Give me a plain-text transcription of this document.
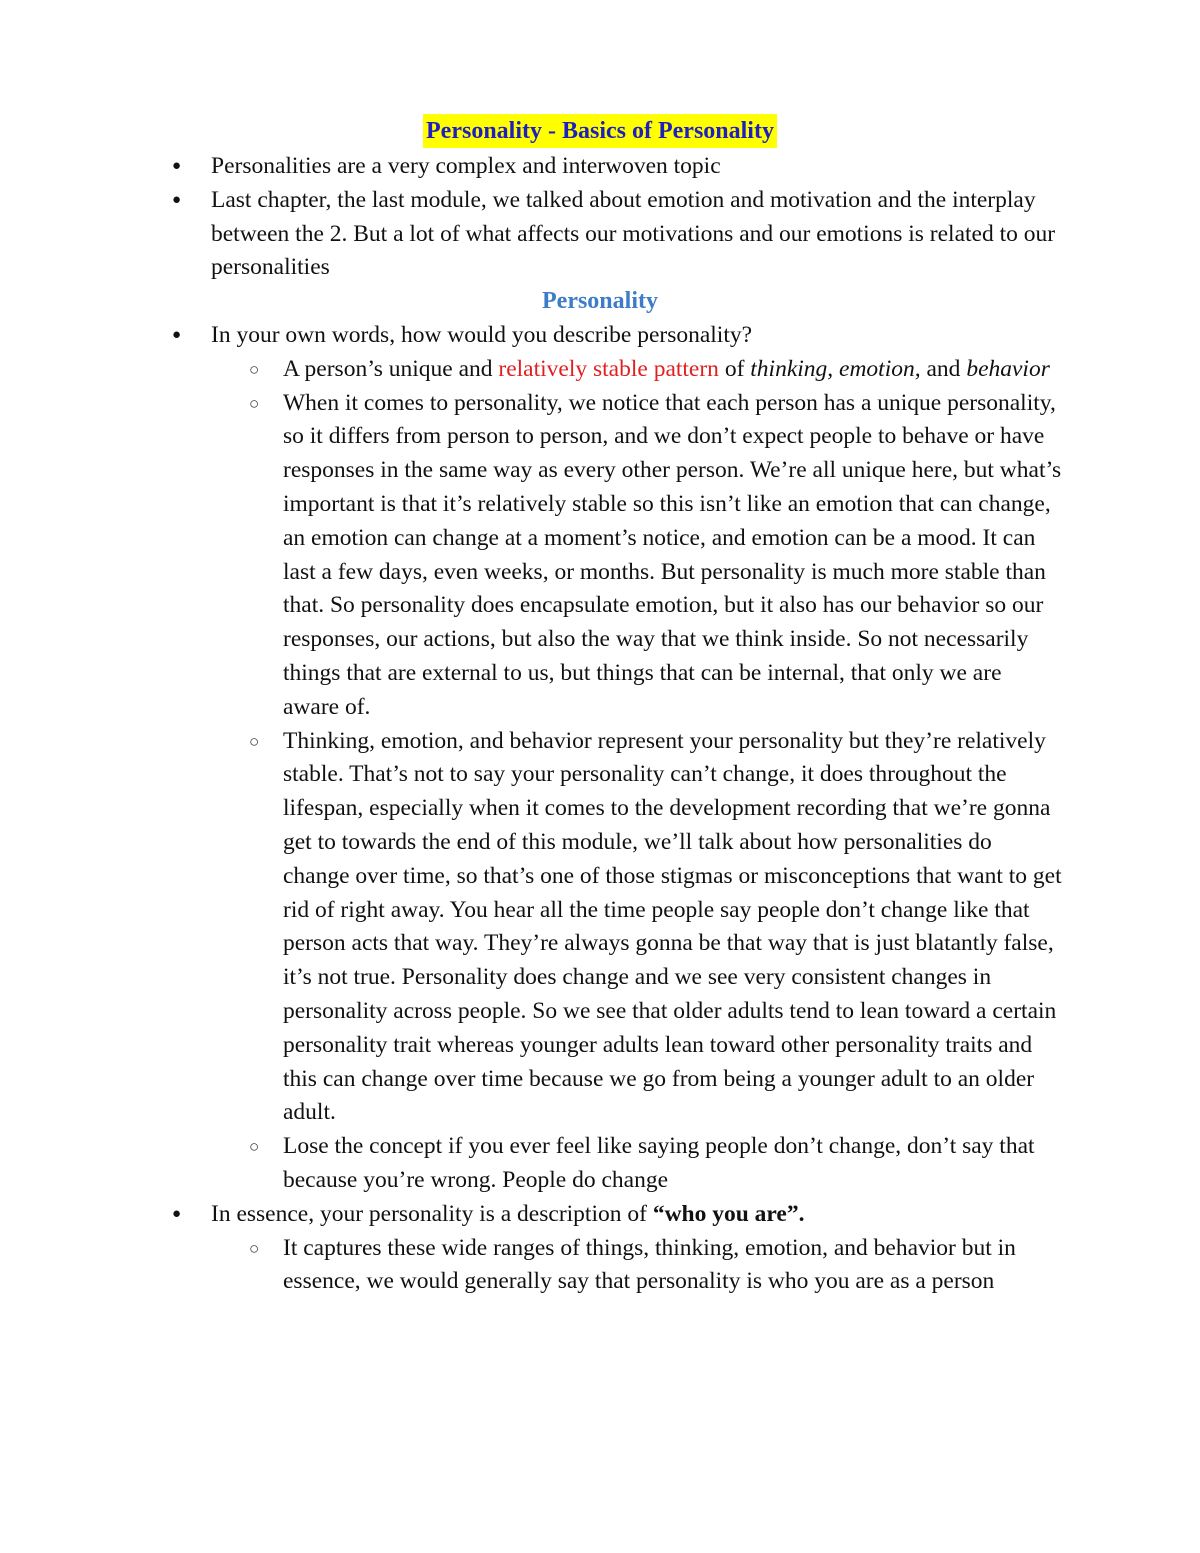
Personality - Basics of Personality
● Personalities are a very complex and interwoven topic
● Last chapter, the last module, we talked about emotion and motivation and the interplay between the 2. But a lot of what affects our motivations and our emotions is related to our personalities
Personality
● In your own words, how would you describe personality?
○ A person’s unique and relatively stable pattern of thinking, emotion, and behavior
○ When it comes to personality, we notice that each person has a unique personality, so it differs from person to person, and we don’t expect people to behave or have responses in the same way as every other person. We’re all unique here, but what’s important is that it’s relatively stable so this isn’t like an emotion that can change, an emotion can change at a moment’s notice, and emotion can be a mood. It can last a few days, even weeks, or months. But personality is much more stable than that. So personality does encapsulate emotion, but it also has our behavior so our responses, our actions, but also the way that we think inside. So not necessarily things that are external to us, but things that can be internal, that only we are aware of.
○ Thinking, emotion, and behavior represent your personality but they’re relatively stable. That’s not to say your personality can’t change, it does throughout the lifespan, especially when it comes to the development recording that we’re gonna get to towards the end of this module, we’ll talk about how personalities do change over time, so that’s one of those stigmas or misconceptions that want to get rid of right away. You hear all the time people say people don’t change like that person acts that way. They’re always gonna be that way that is just blatantly false, it’s not true. Personality does change and we see very consistent changes in personality across people. So we see that older adults tend to lean toward a certain personality trait whereas younger adults lean toward other personality traits and this can change over time because we go from being a younger adult to an older adult.
○ Lose the concept if you ever feel like saying people don’t change, don’t say that because you’re wrong. People do change
● In essence, your personality is a description of “who you are”.
○ It captures these wide ranges of things, thinking, emotion, and behavior but in essence, we would generally say that personality is who you are as a person
